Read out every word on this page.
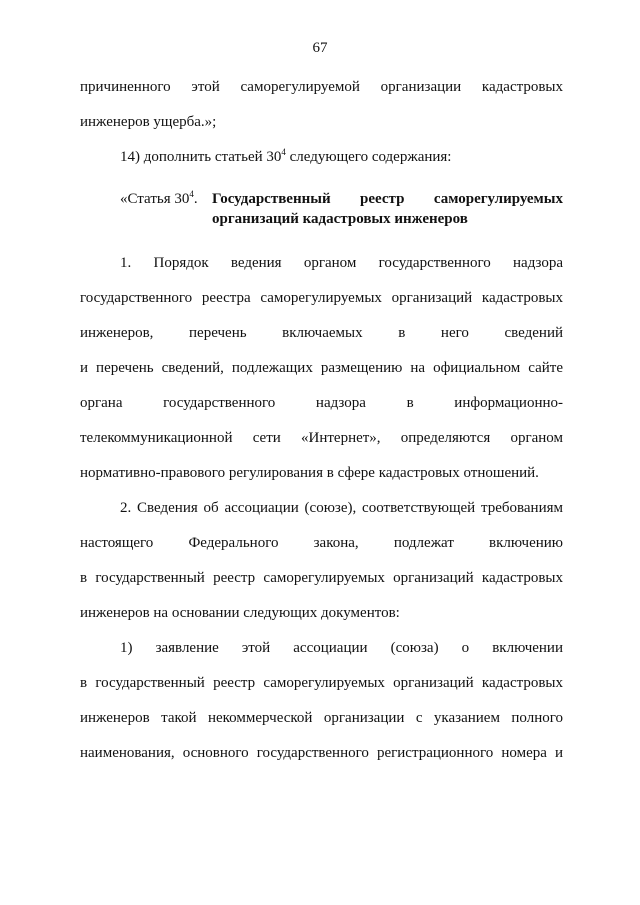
67
причиненного этой саморегулируемой организации кадастровых
инженеров ущерба.»;
14) дополнить статьей $30^4$ следующего содержания:
«Статья $30^4$. Государственный реестр саморегулируемых
организаций кадастровых инженеров
1. Порядок ведения органом государственного надзора
государственного реестра саморегулируемых организаций кадастровых
инженеров, перечень включаемых в него сведений
и перечень сведений, подлежащих размещению на официальном сайте
органа государственного надзора в информационно-
телекоммуникационной сети «Интернет», определяются органом
нормативно-правового регулирования в сфере кадастровых отношений.
2. Сведения об ассоциации (союзе), соответствующей требованиям
настоящего Федерального закона, подлежат включению
в государственный реестр саморегулируемых организаций кадастровых
инженеров на основании следующих документов:
1) заявление этой ассоциации (союза) о включении
в государственный реестр саморегулируемых организаций кадастровых
инженеров такой некоммерческой организации с указанием полного
наименования, основного государственного регистрационного номера и
